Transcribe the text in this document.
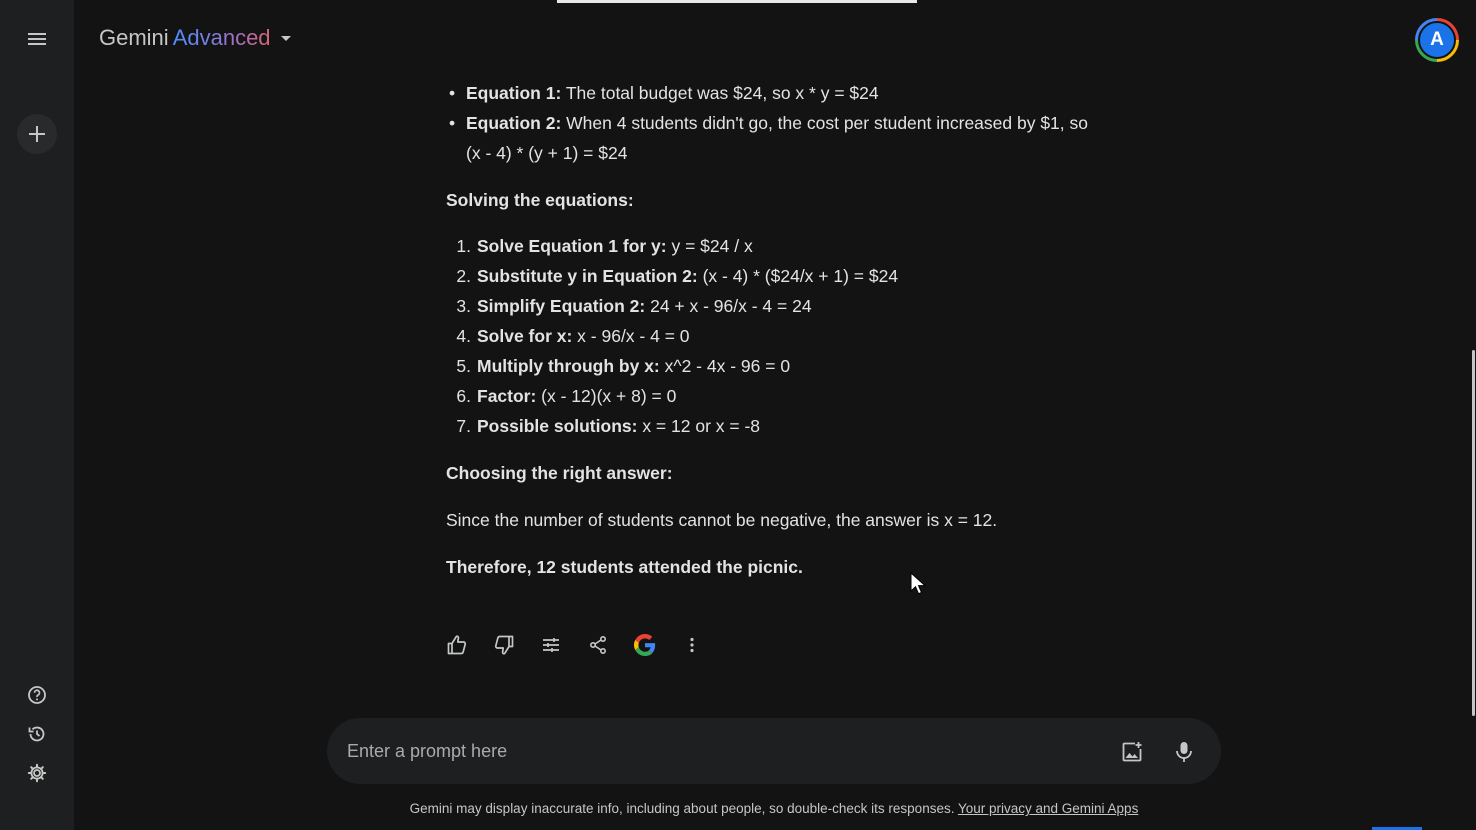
Gemini Advanced	A
• Equation 1: The total budget was $24, so x * y = $24
• Equation 2: When 4 students didn't go, the cost per student increased by $1, so
(x - 4) * (y + 1) = $24
Solving the equations:
1. Solve Equation 1 for y: y = $24 / x
2. Substitute y in Equation 2: (x - 4) * ($24/x + 1) = $24
3. Simplify Equation 2: 24 + x - 96/x - 4 = 24
4. Solve for x: x - 96/x - 4 = 0
5. Multiply through by x: x^2 - 4x - 96 = 0
6. Factor: (x - 12)(x + 8) = 0
7. Possible solutions: x = 12 or x = -8
Choosing the right answer:
Since the number of students cannot be negative, the answer is x = 12.
Therefore, 12 students attended the picnic.
Enter a prompt here
Gemini may display inaccurate info, including about people, so double-check its responses. Your privacy and Gemini Apps
